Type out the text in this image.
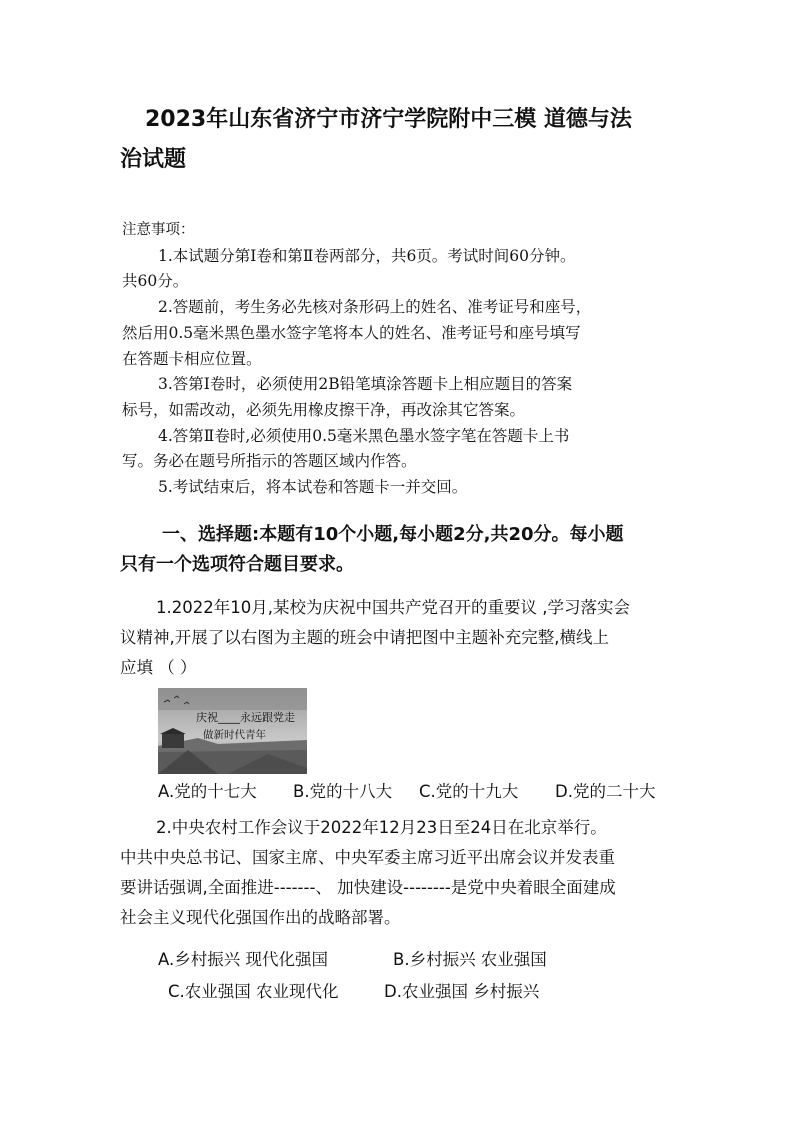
2023年山东省济宁市济宁学院附中三模 道德与法
治试题

注意事项：

1.本试题分第Ⅰ卷和第Ⅱ卷两部分，共6页。考试时间60分钟。

共60分。

2.答题前，考生务必先核对条形码上的姓名、准考证号和座号，

然后用0.5毫米黑色墨水签字笔将本人的姓名、准考证号和座号填写

在答题卡相应位置。

3.答第Ⅰ卷时，必须使用2B铅笔填涂答题卡上相应题目的答案

标号，如需改动，必须先用橡皮擦干净，再改涂其它答案。

4.答第Ⅱ卷时,必须使用0.5毫米黑色墨水签字笔在答题卡上书

写。务必在题号所指示的答题区域内作答。

5.考试结束后，将本试卷和答题卡一并交回。

一、选择题:本题有10个小题,每小题2分,共20分。每小题
只有一个选项符合题目要求。

1.2022年10月,某校为庆祝中国共产党召开的重要议 ,学习落实会

议精神,开展了以右图为主题的班会中请把图中主题补充完整,横线上

应填 （ ）

庆祝____永远跟党走
做新时代青年
A.党的十七大 B.党的十八大 C.党的十九大 D.党的二十大

2.中央农村工作会议于2022年12月23日至24日在北京举行。

中共中央总书记、国家主席、中央军委主席习近平出席会议并发表重

要讲话强调,全面推进-------、 加快建设--------是党中央着眼全面建成

社会主义现代化强国作出的战略部署。

A.乡村振兴 现代化强国	B.乡村振兴 农业强国
C.农业强国 农业现代化	D.农业强国 乡村振兴
